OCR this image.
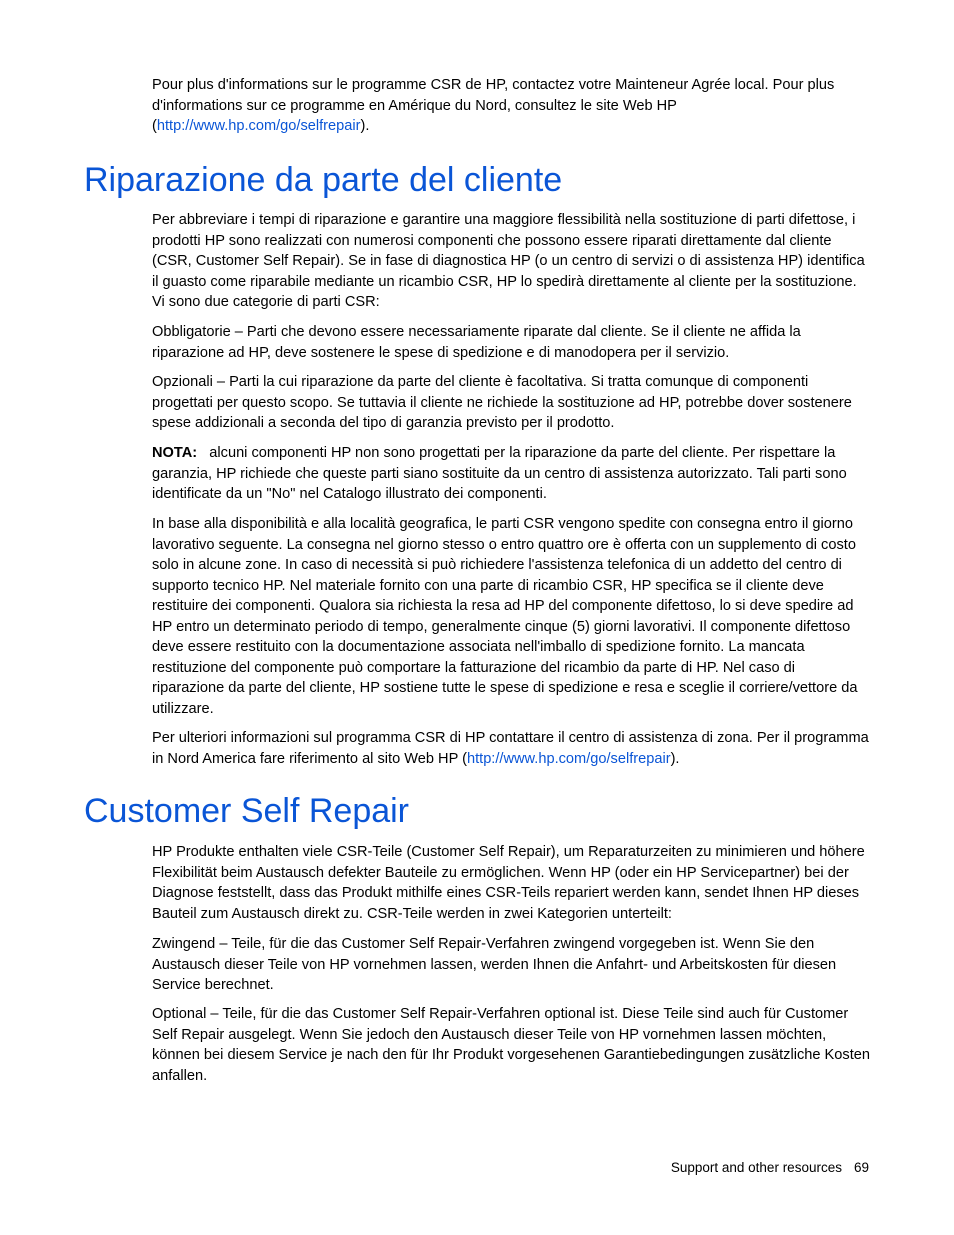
Pour plus d'informations sur le programme CSR de HP, contactez votre Mainteneur Agrée local. Pour plus d'informations sur ce programme en Amérique du Nord, consultez le site Web HP (http://www.hp.com/go/selfrepair).

Riparazione da parte del cliente

Per abbreviare i tempi di riparazione e garantire una maggiore flessibilità nella sostituzione di parti difettose, i prodotti HP sono realizzati con numerosi componenti che possono essere riparati direttamente dal cliente (CSR, Customer Self Repair). Se in fase di diagnostica HP (o un centro di servizi o di assistenza HP) identifica il guasto come riparabile mediante un ricambio CSR, HP lo spedirà direttamente al cliente per la sostituzione. Vi sono due categorie di parti CSR:

Obbligatorie – Parti che devono essere necessariamente riparate dal cliente. Se il cliente ne affida la riparazione ad HP, deve sostenere le spese di spedizione e di manodopera per il servizio.

Opzionali – Parti la cui riparazione da parte del cliente è facoltativa. Si tratta comunque di componenti progettati per questo scopo. Se tuttavia il cliente ne richiede la sostituzione ad HP, potrebbe dover sostenere spese addizionali a seconda del tipo di garanzia previsto per il prodotto.

NOTA: alcuni componenti HP non sono progettati per la riparazione da parte del cliente. Per rispettare la garanzia, HP richiede che queste parti siano sostituite da un centro di assistenza autorizzato. Tali parti sono identificate da un "No" nel Catalogo illustrato dei componenti.

In base alla disponibilità e alla località geografica, le parti CSR vengono spedite con consegna entro il giorno lavorativo seguente. La consegna nel giorno stesso o entro quattro ore è offerta con un supplemento di costo solo in alcune zone. In caso di necessità si può richiedere l'assistenza telefonica di un addetto del centro di supporto tecnico HP. Nel materiale fornito con una parte di ricambio CSR, HP specifica se il cliente deve restituire dei componenti. Qualora sia richiesta la resa ad HP del componente difettoso, lo si deve spedire ad HP entro un determinato periodo di tempo, generalmente cinque (5) giorni lavorativi. Il componente difettoso deve essere restituito con la documentazione associata nell'imballo di spedizione fornito. La mancata restituzione del componente può comportare la fatturazione del ricambio da parte di HP. Nel caso di riparazione da parte del cliente, HP sostiene tutte le spese di spedizione e resa e sceglie il corriere/vettore da utilizzare.

Per ulteriori informazioni sul programma CSR di HP contattare il centro di assistenza di zona. Per il programma in Nord America fare riferimento al sito Web HP (http://www.hp.com/go/selfrepair).

Customer Self Repair

HP Produkte enthalten viele CSR-Teile (Customer Self Repair), um Reparaturzeiten zu minimieren und höhere Flexibilität beim Austausch defekter Bauteile zu ermöglichen. Wenn HP (oder ein HP Servicepartner) bei der Diagnose feststellt, dass das Produkt mithilfe eines CSR-Teils repariert werden kann, sendet Ihnen HP dieses Bauteil zum Austausch direkt zu. CSR-Teile werden in zwei Kategorien unterteilt:

Zwingend – Teile, für die das Customer Self Repair-Verfahren zwingend vorgegeben ist. Wenn Sie den Austausch dieser Teile von HP vornehmen lassen, werden Ihnen die Anfahrt- und Arbeitskosten für diesen Service berechnet.

Optional – Teile, für die das Customer Self Repair-Verfahren optional ist. Diese Teile sind auch für Customer Self Repair ausgelegt. Wenn Sie jedoch den Austausch dieser Teile von HP vornehmen lassen möchten, können bei diesem Service je nach den für Ihr Produkt vorgesehenen Garantiebedingungen zusätzliche Kosten anfallen.

Support and other resources 69
